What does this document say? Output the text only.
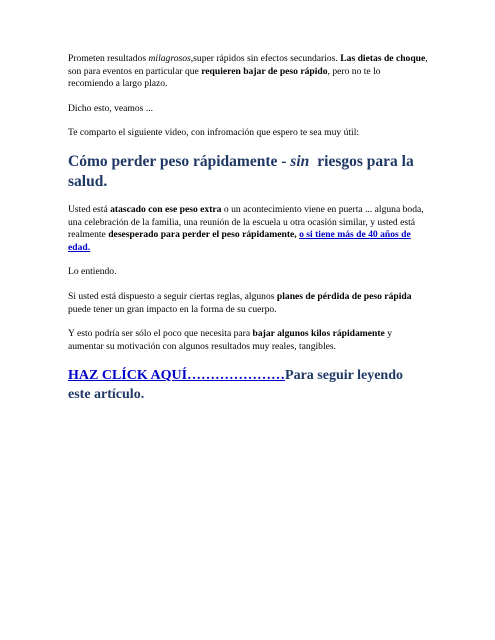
Prometen resultados milagrosos,super rápidos sin efectos secundarios. Las dietas de choque, son para eventos en particular que requieren bajar de peso rápido, pero no te lo recomiendo a largo plazo.

Dicho esto, veamos ...

Te comparto el siguiente video, con infromación que espero te sea muy útil:

Cómo perder peso rápidamente - sin riesgos para la salud.

Usted está atascado con ese peso extra o un acontecimiento viene en puerta ... alguna boda, una celebración de la familia, una reunión de la escuela u otra ocasión similar, y usted está realmente desesperado para perder el peso rápidamente, o si tiene más de 40 años de edad.

Lo entiendo.

Si usted está dispuesto a seguir ciertas reglas, algunos planes de pérdida de peso rápida puede tener un gran impacto en la forma de su cuerpo.

Y esto podría ser sólo el poco que necesita para bajar algunos kilos rápidamente y aumentar su motivación con algunos resultados muy reales, tangibles.

HAZ CLÍCK AQUÍ…………………Para seguir leyendo este artículo.
